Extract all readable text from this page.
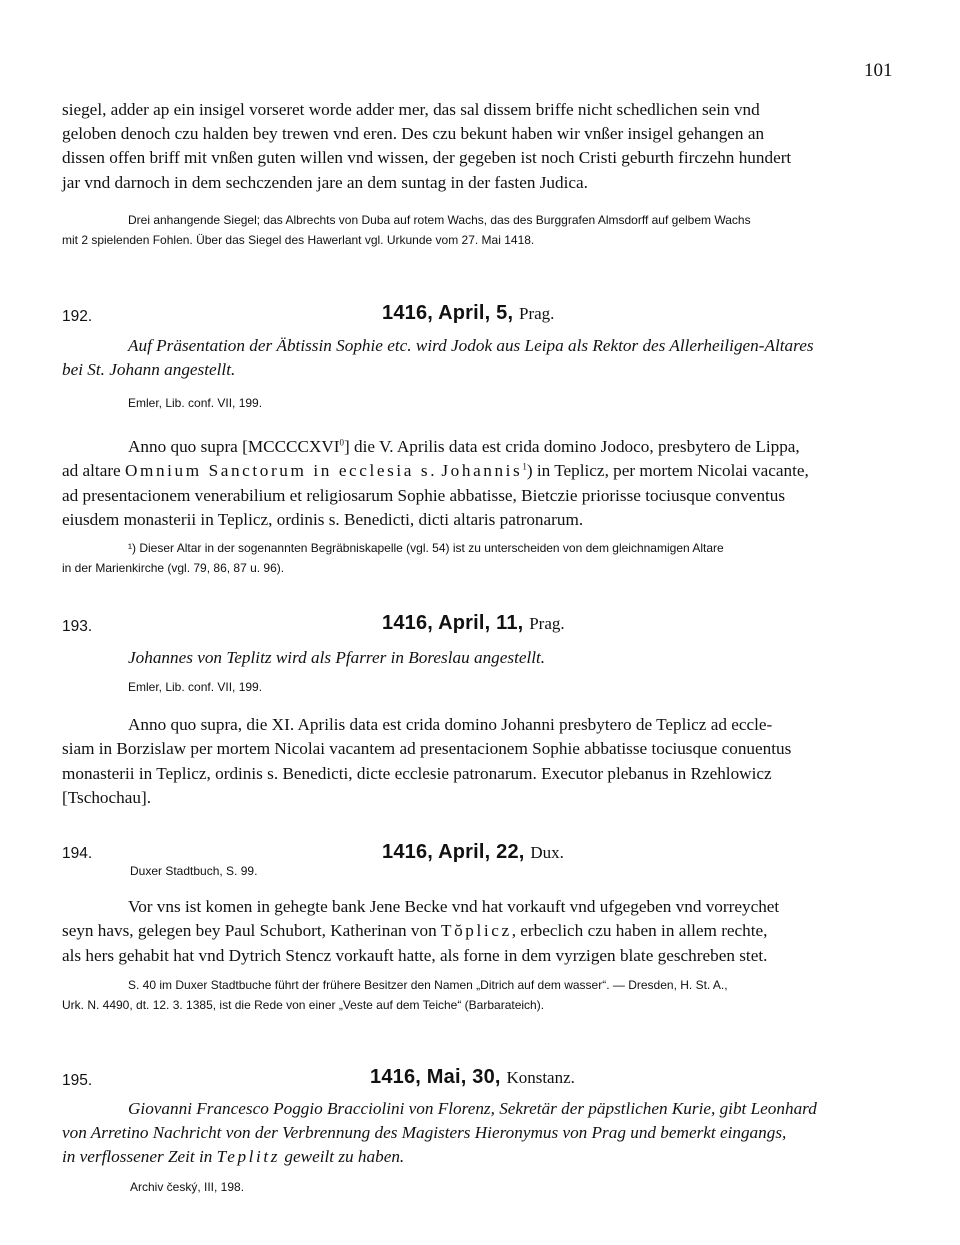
101
siegel, adder ap ein insigel vorseret worde adder mer, das sal dissem briffe nicht schedlichen sein vnd
geloben denoch czu halden bey trewen vnd eren. Des czu bekunt haben wir vnßer insigel gehangen an
dissen offen briff mit vnßen guten willen vnd wissen, der gegeben ist noch Cristi geburth firczehn hundert
jar vnd darnoch in dem sechczenden jare an dem suntag in der fasten Judica.
Drei anhangende Siegel; das Albrechts von Duba auf rotem Wachs, das des Burggrafen Almsdorff auf gelbem Wachs
mit 2 spielenden Fohlen. Über das Siegel des Hawerlant vgl. Urkunde vom 27. Mai 1418.
192.	1416, April, 5, Prag.
Auf Präsentation der Äbtissin Sophie etc. wird Jodok aus Leipa als Rektor des Allerheiligen-Altares
bei St. Johann angestellt.
Emler, Lib. conf. VII, 199.
Anno quo supra [MCCCCXVI$^0$] die V. Aprilis data est crida domino Jodoco, presbytero de Lippa,
ad altare Omnium Sanctorum in ecclesia s. Johannis$^1$) in Teplicz, per mortem Nicolai vacante,
ad presentacionem venerabilium et religiosarum Sophie abbatisse, Bietczie priorisse tociusque conventus
eiusdem monasterii in Teplicz, ordinis s. Benedicti, dicti altaris patronarum.
¹) Dieser Altar in der sogenannten Begräbniskapelle (vgl. 54) ist zu unterscheiden von dem gleichnamigen Altare
in der Marienkirche (vgl. 79, 86, 87 u. 96).
193.	1416, April, 11, Prag.
Johannes von Teplitz wird als Pfarrer in Boreslau angestellt.
Emler, Lib. conf. VII, 199.
Anno quo supra, die XI. Aprilis data est crida domino Johanni presbytero de Teplicz ad eccle-
siam in Borzislaw per mortem Nicolai vacantem ad presentacionem Sophie abbatisse tociusque conuentus
monasterii in Teplicz, ordinis s. Benedicti, dicte ecclesie patronarum. Executor plebanus in Rzehlowicz
[Tschochau].
194.	1416, April, 22, Dux.
Duxer Stadtbuch, S. 99.
Vor vns ist komen in gehegte bank Jene Becke vnd hat vorkauft vnd ufgegeben vnd vorreychet
seyn havs, gelegen bey Paul Schubort, Katherinan von Tŏplicz, erbeclich czu haben in allem rechte,
als hers gehabit hat vnd Dytrich Stencz vorkauft hatte, als forne in dem vyrzigen blate geschreben stet.
S. 40 im Duxer Stadtbuche führt der frühere Besitzer den Namen „Ditrich auf dem wasser“. — Dresden, H. St. A.,
Urk. N. 4490, dt. 12. 3. 1385, ist die Rede von einer „Veste auf dem Teiche“ (Barbarateich).
195.	1416, Mai, 30, Konstanz.
Giovanni Francesco Poggio Bracciolini von Florenz, Sekretär der päpstlichen Kurie, gibt Leonhard
von Arretino Nachricht von der Verbrennung des Magisters Hieronymus von Prag und bemerkt eingangs,
in verflossener Zeit in Teplitz geweilt zu haben.
Archiv český, III, 198.
